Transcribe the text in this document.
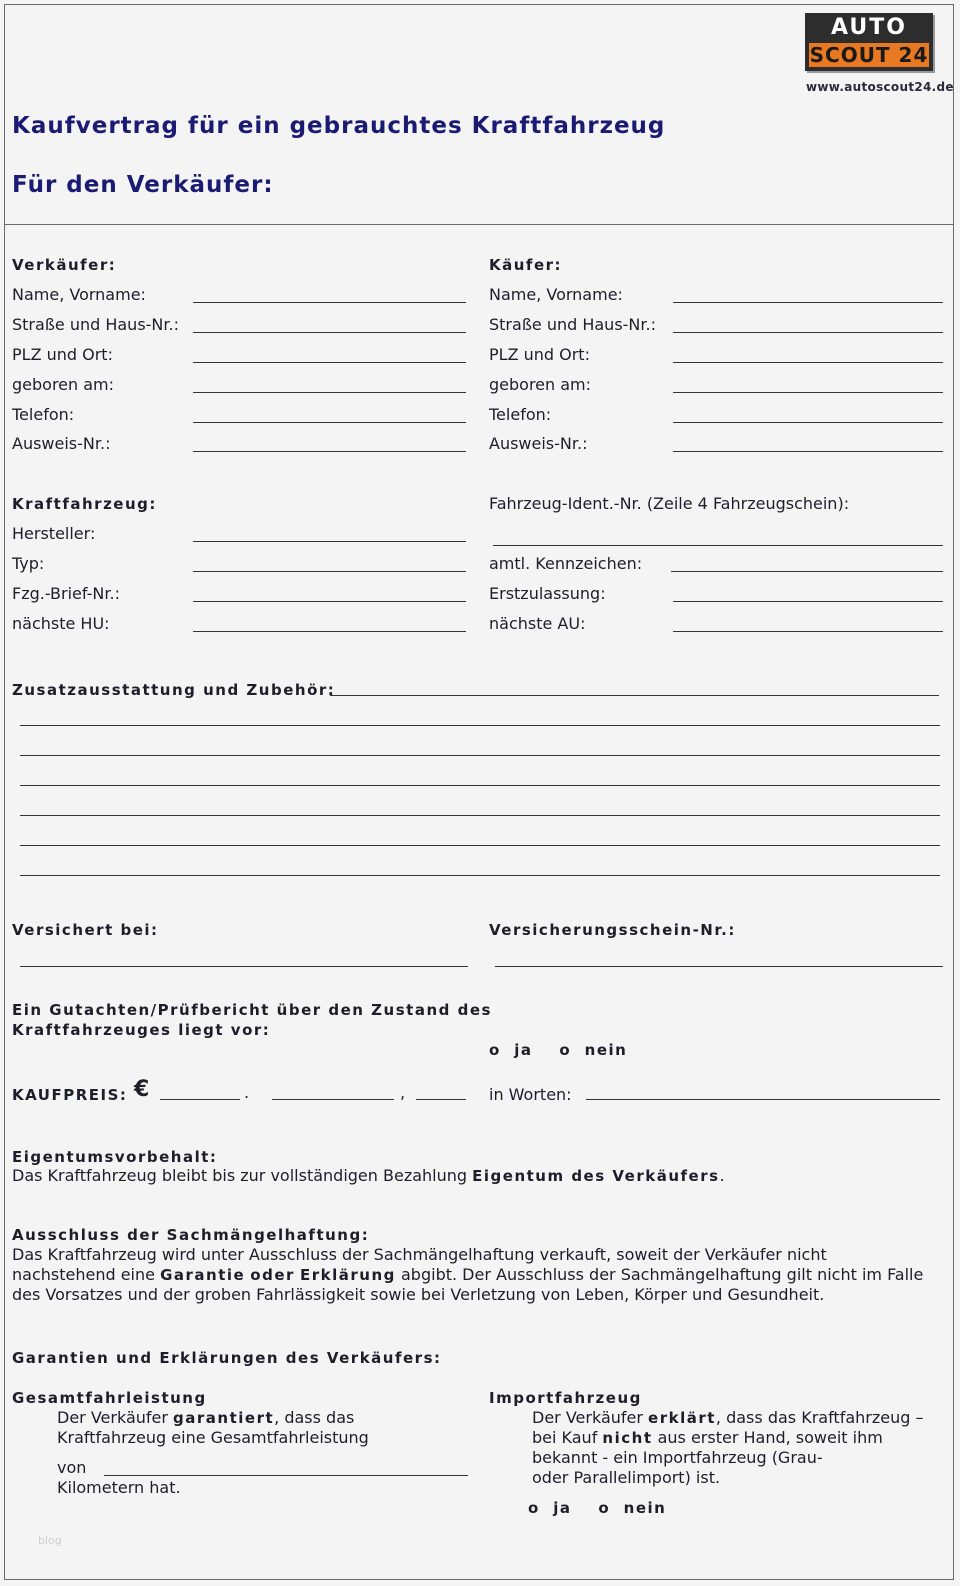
AUTO
SCOUT 24
www.autoscout24.de
Kaufvertrag für ein gebrauchtes Kraftfahrzeug
Für den Verkäufer:
Verkäufer:
Name, Vorname:
Straße und Haus-Nr.:
PLZ und Ort:
geboren am:
Telefon:
Ausweis-Nr.:
Käufer:
Name, Vorname:
Straße und Haus-Nr.:
PLZ und Ort:
geboren am:
Telefon:
Ausweis-Nr.:
Kraftfahrzeug:
Hersteller:
Typ:
Fzg.-Brief-Nr.:
nächste HU:
Fahrzeug-Ident.-Nr. (Zeile 4 Fahrzeugschein):
amtl. Kennzeichen:
Erstzulassung:
nächste AU:
Zusatzausstattung und Zubehör:
Versichert bei:	Versicherungsschein-Nr.:
Ein Gutachten/Prüfbericht über den Zustand des
Kraftfahrzeuges liegt vor:
o  ja    o  nein
KAUFPREIS: €	.	,	in Worten:
Eigentumsvorbehalt:
Das Kraftfahrzeug bleibt bis zur vollständigen Bezahlung Eigentum des Verkäufers.
Ausschluss der Sachmängelhaftung:
Das Kraftfahrzeug wird unter Ausschluss der Sachmängelhaftung verkauft, soweit der Verkäufer nicht
nachstehend eine Garantie oder Erklärung abgibt. Der Ausschluss der Sachmängelhaftung gilt nicht im Falle
des Vorsatzes und der groben Fahrlässigkeit sowie bei Verletzung von Leben, Körper und Gesundheit.
Garantien und Erklärungen des Verkäufers:
Gesamtfahrleistung
Der Verkäufer garantiert, dass das
Kraftfahrzeug eine Gesamtfahrleistung
von
Kilometern hat.
Importfahrzeug
Der Verkäufer erklärt, dass das Kraftfahrzeug –
bei Kauf nicht aus erster Hand, soweit ihm
bekannt - ein Importfahrzeug (Grau-
oder Parallelimport) ist.
o  ja    o  nein
blog
